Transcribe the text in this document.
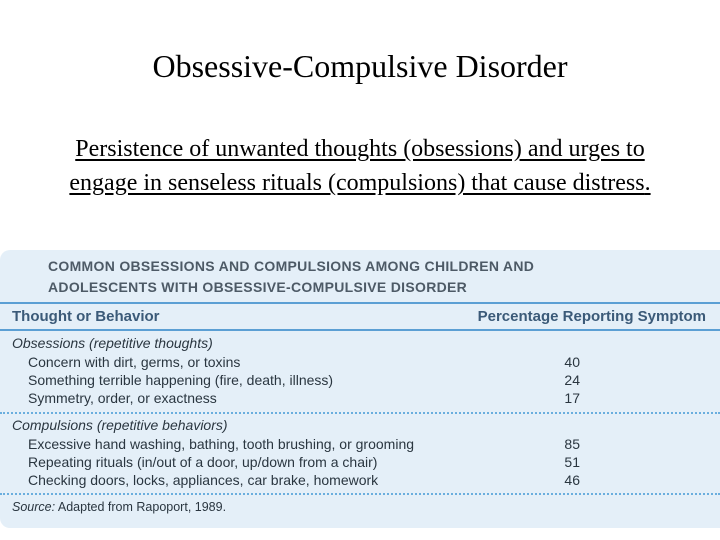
Obsessive-Compulsive Disorder
Persistence of unwanted thoughts (obsessions) and urges to engage in senseless rituals (compulsions) that cause distress.
COMMON OBSESSIONS AND COMPULSIONS AMONG CHILDREN AND
ADOLESCENTS WITH OBSESSIVE-COMPULSIVE DISORDER
Thought or Behavior	Percentage Reporting Symptom
Obsessions (repetitive thoughts)
Concern with dirt, germs, or toxins	40
Something terrible happening (fire, death, illness)	24
Symmetry, order, or exactness	17
Compulsions (repetitive behaviors)
Excessive hand washing, bathing, tooth brushing, or grooming	85
Repeating rituals (in/out of a door, up/down from a chair)	51
Checking doors, locks, appliances, car brake, homework	46
Source: Adapted from Rapoport, 1989.
